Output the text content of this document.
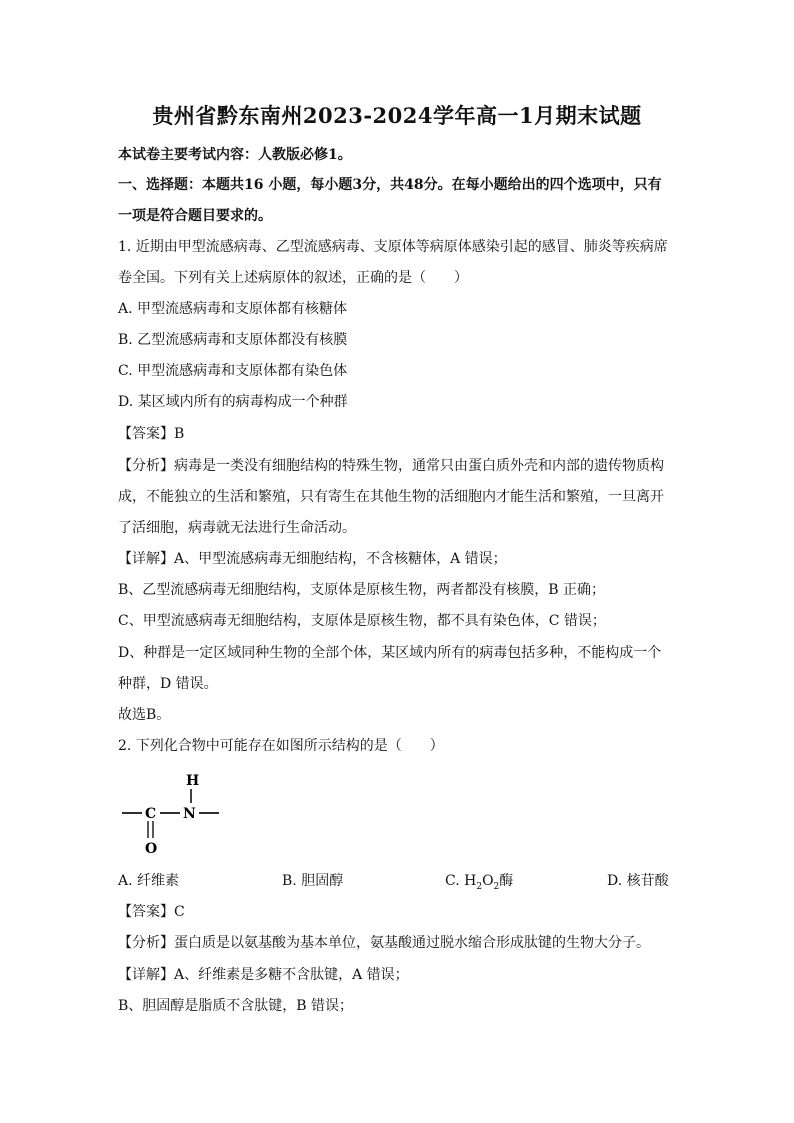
贵州省黔东南州2023-2024学年高一1月期末试题
本试卷主要考试内容：人教版必修1。
一、选择题：本题共16 小题，每小题3分，共48分。在每小题给出的四个选项中，只有
一项是符合题目要求的。
1. 近期由甲型流感病毒、乙型流感病毒、支原体等病原体感染引起的感冒、肺炎等疾病席
卷全国。下列有关上述病原体的叙述，正确的是（　　）
A. 甲型流感病毒和支原体都有核糖体
B. 乙型流感病毒和支原体都没有核膜
C. 甲型流感病毒和支原体都有染色体
D. 某区域内所有的病毒构成一个种群
【答案】B
【分析】病毒是一类没有细胞结构的特殊生物，通常只由蛋白质外壳和内部的遗传物质构
成，不能独立的生活和繁殖，只有寄生在其他生物的活细胞内才能生活和繁殖，一旦离开
了活细胞，病毒就无法进行生命活动。
【详解】A、甲型流感病毒无细胞结构，不含核糖体，A 错误；
B、乙型流感病毒无细胞结构，支原体是原核生物，两者都没有核膜，B 正确；
C、甲型流感病毒无细胞结构，支原体是原核生物，都不具有染色体，C 错误；
D、种群是一定区域同种生物的全部个体，某区域内所有的病毒包括多种，不能构成一个
种群，D 错误。
故选B。
2. 下列化合物中可能存在如图所示结构的是（　　）
H
C N
O
A. 纤维素	B. 胆固醇	C. $H_2O_2$酶	D. 核苷酸
【答案】C
【分析】蛋白质是以氨基酸为基本单位，氨基酸通过脱水缩合形成肽键的生物大分子。
【详解】A、纤维素是多糖不含肽键，A 错误；
B、胆固醇是脂质不含肽键，B 错误；
